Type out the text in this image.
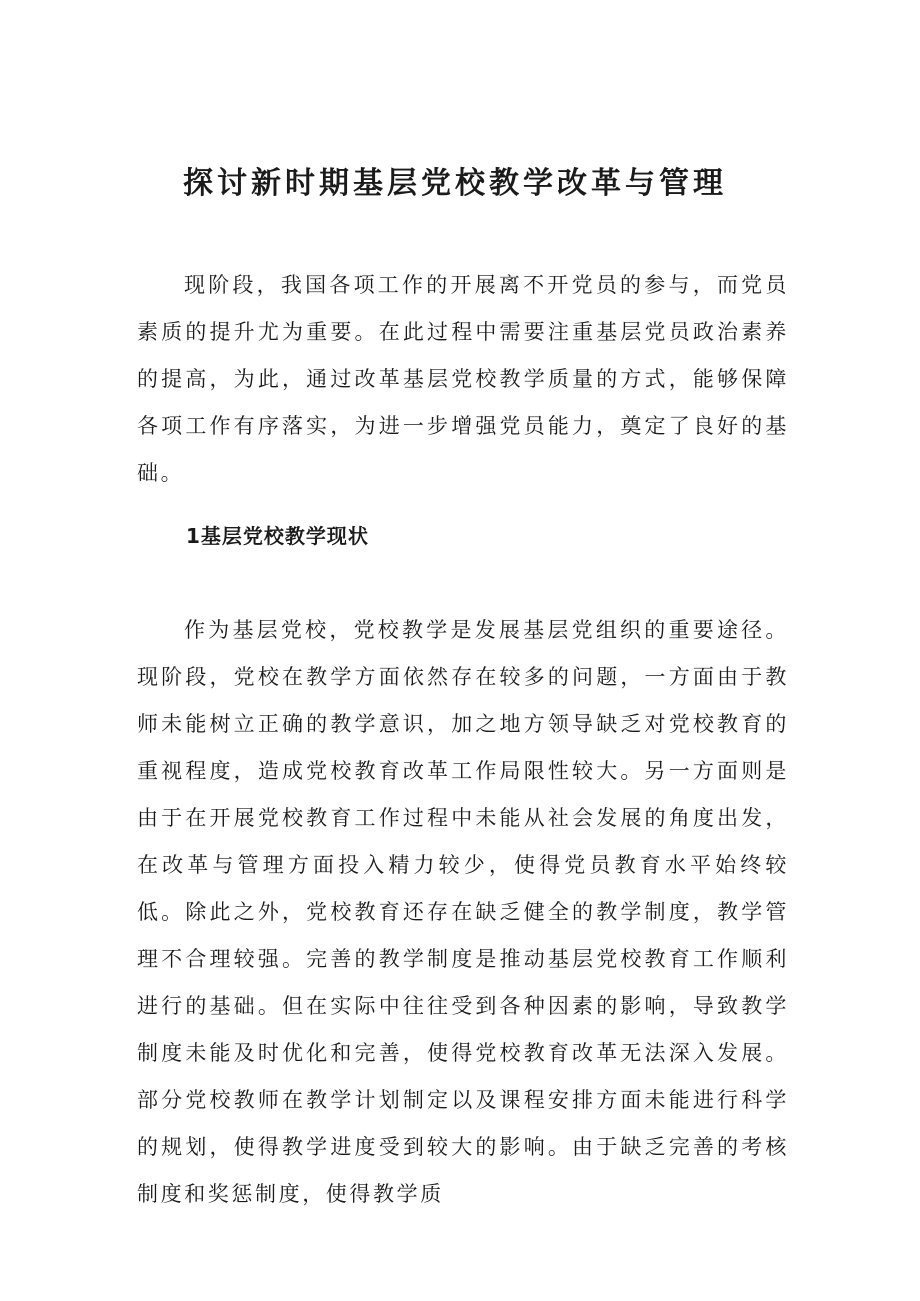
探讨新时期基层党校教学改革与管理

现阶段，我国各项工作的开展离不开党员的参与，而党员素质的提升尤为重要。在此过程中需要注重基层党员政治素养的提高，为此，通过改革基层党校教学质量的方式，能够保障各项工作有序落实，为进一步增强党员能力，奠定了良好的基础。

1基层党校教学现状

作为基层党校，党校教学是发展基层党组织的重要途径。现阶段，党校在教学方面依然存在较多的问题，一方面由于教师未能树立正确的教学意识，加之地方领导缺乏对党校教育的重视程度，造成党校教育改革工作局限性较大。另一方面则是由于在开展党校教育工作过程中未能从社会发展的角度出发，在改革与管理方面投入精力较少，使得党员教育水平始终较低。除此之外，党校教育还存在缺乏健全的教学制度，教学管理不合理较强。完善的教学制度是推动基层党校教育工作顺利进行的基础。但在实际中往往受到各种因素的影响，导致教学制度未能及时优化和完善，使得党校教育改革无法深入发展。部分党校教师在教学计划制定以及课程安排方面未能进行科学的规划，使得教学进度受到较大的影响。由于缺乏完善的考核制度和奖惩制度，使得教学质
